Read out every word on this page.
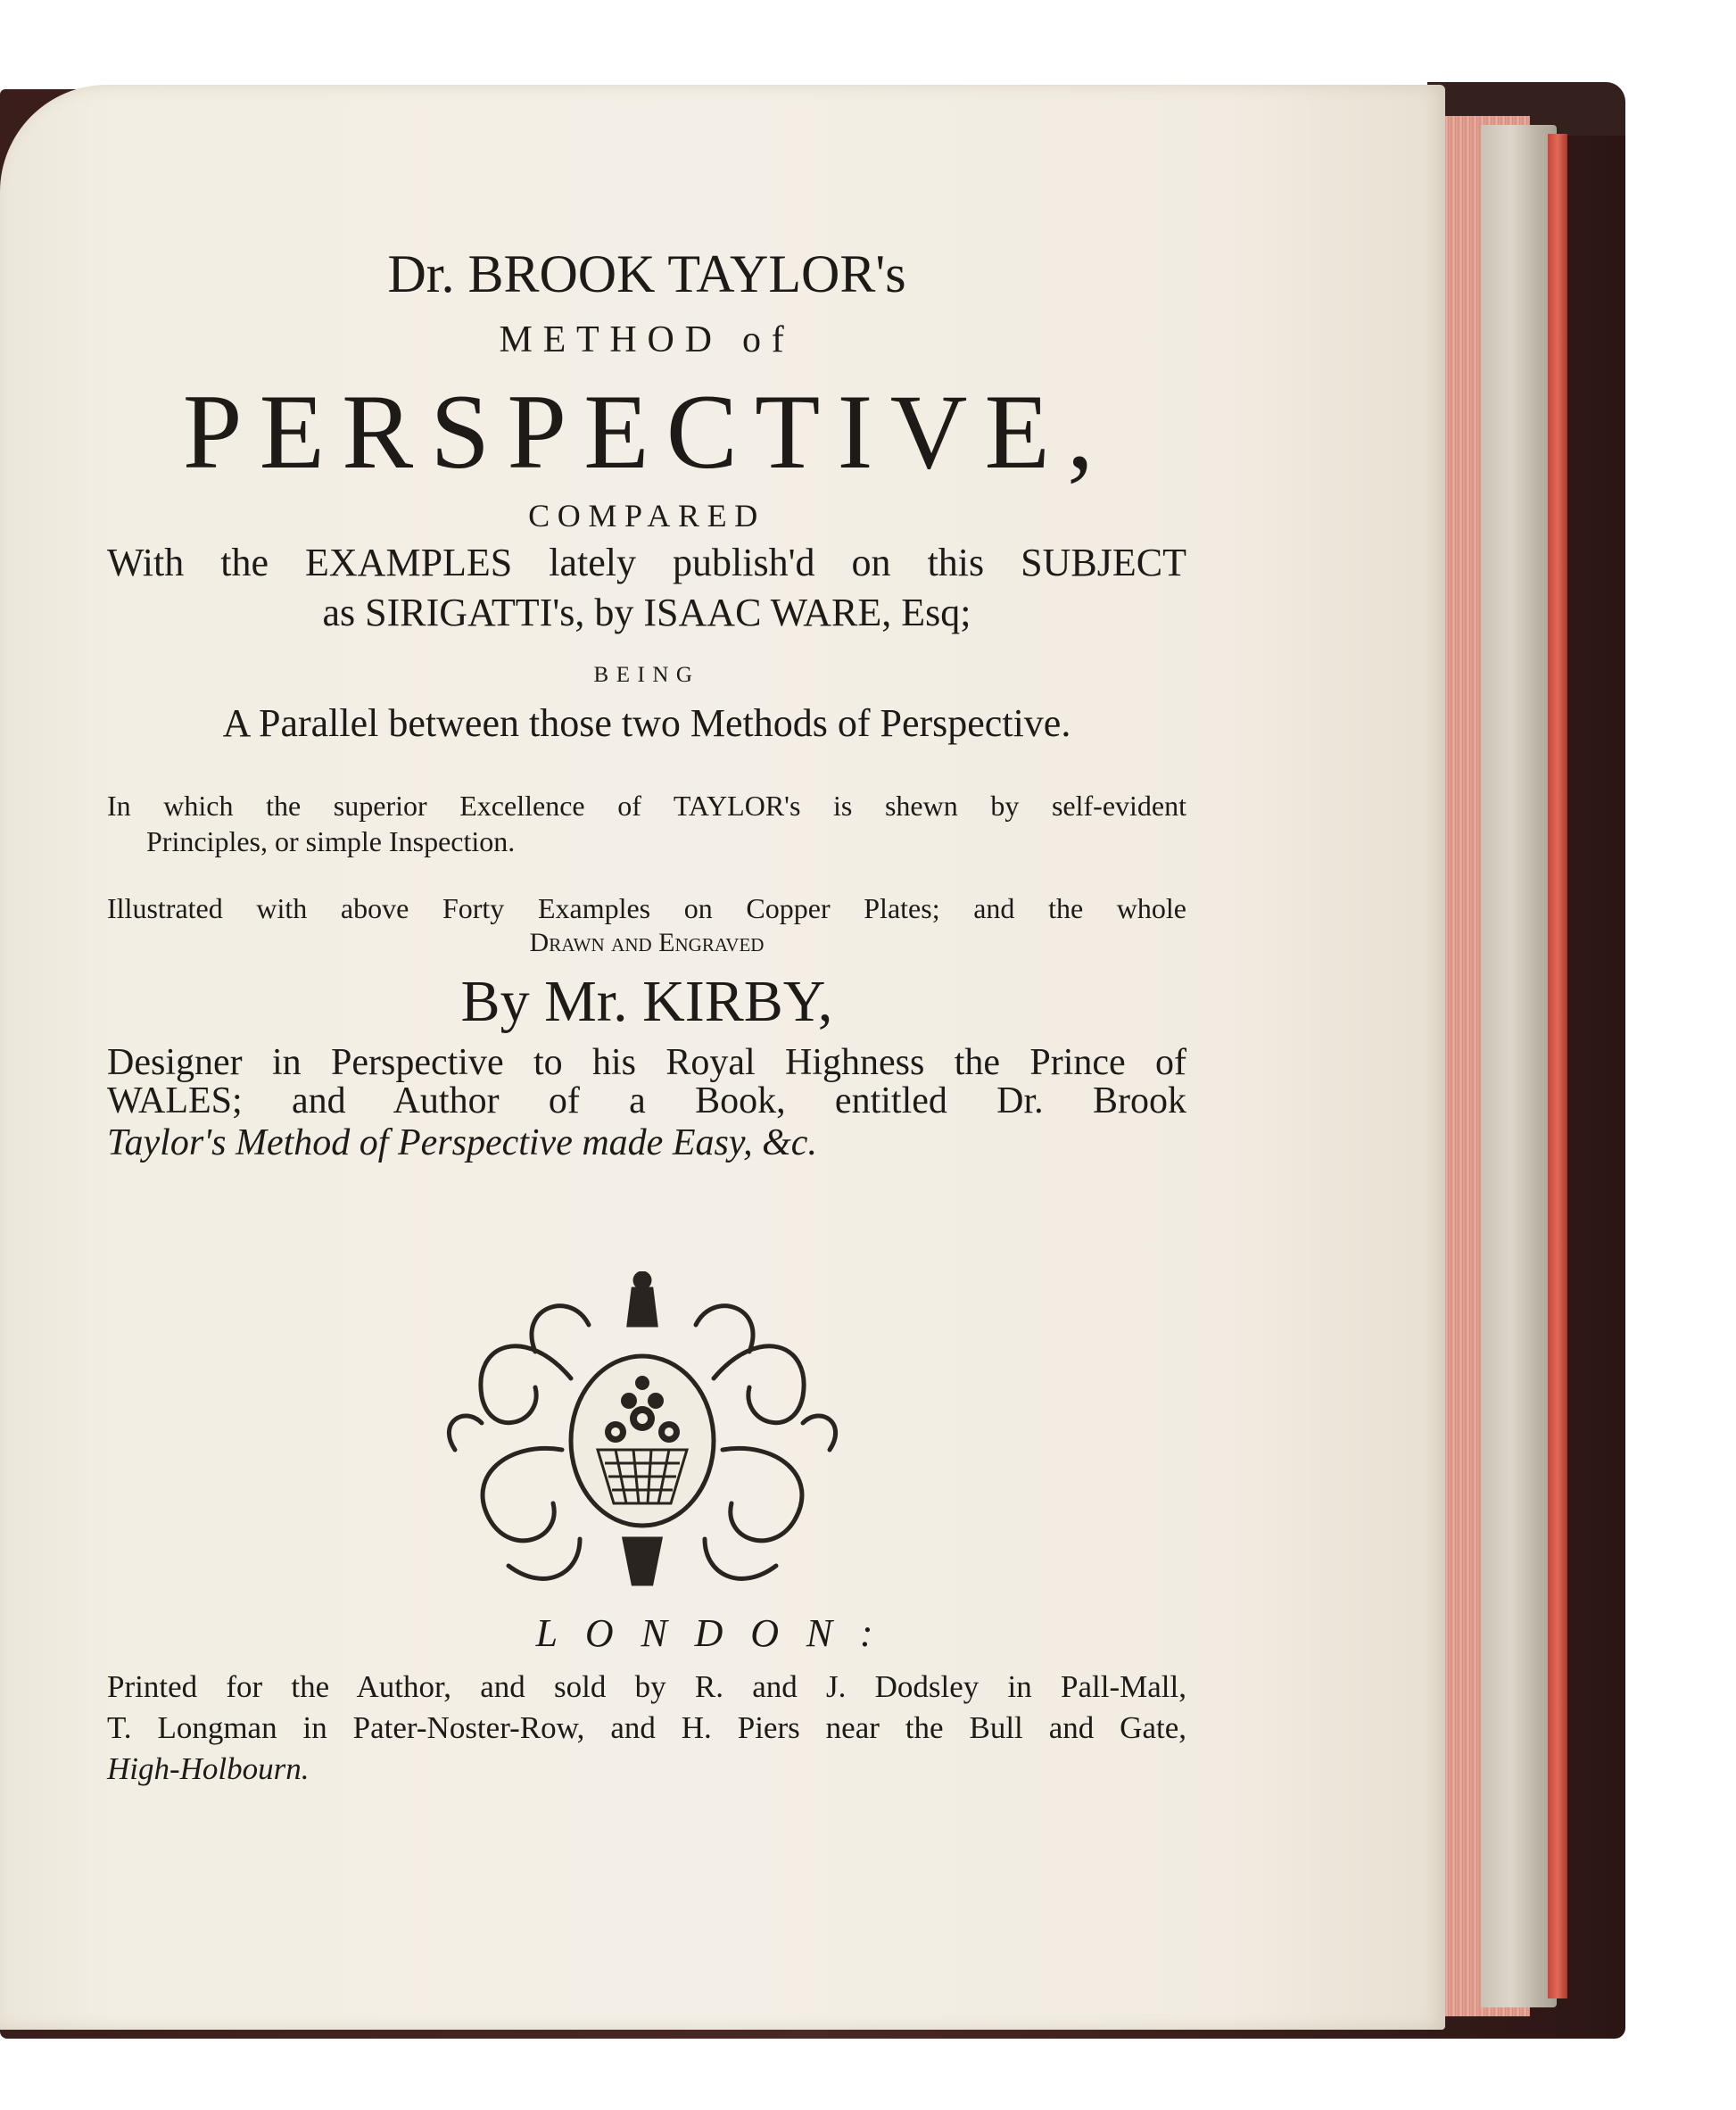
Dr. BROOK TAYLOR's
METHOD of
PERSPECTIVE,
COMPARED
With the EXAMPLES lately publish'd on this SUBJECT
as SIRIGATTI's, by ISAAC WARE, Esq;
BEING
A Parallel between those two Methods of Perspective.
In which the superior Excellence of TAYLOR's is shewn by self-evident
Principles, or simple Inspection.
Illustrated with above Forty Examples on Copper Plates; and the whole
Drawn and Engraved
By Mr. KIRBY,
Designer in Perspective to his Royal Highness the Prince of
WALES; and Author of a Book, entitled Dr. Brook
Taylor's Method of Perspective made Easy, &c.
LONDON:
Printed for the Author, and sold by R. and J. Dodsley in Pall-Mall,
T. Longman in Pater-Noster-Row, and H. Piers near the Bull and Gate,
High-Holbourn.
